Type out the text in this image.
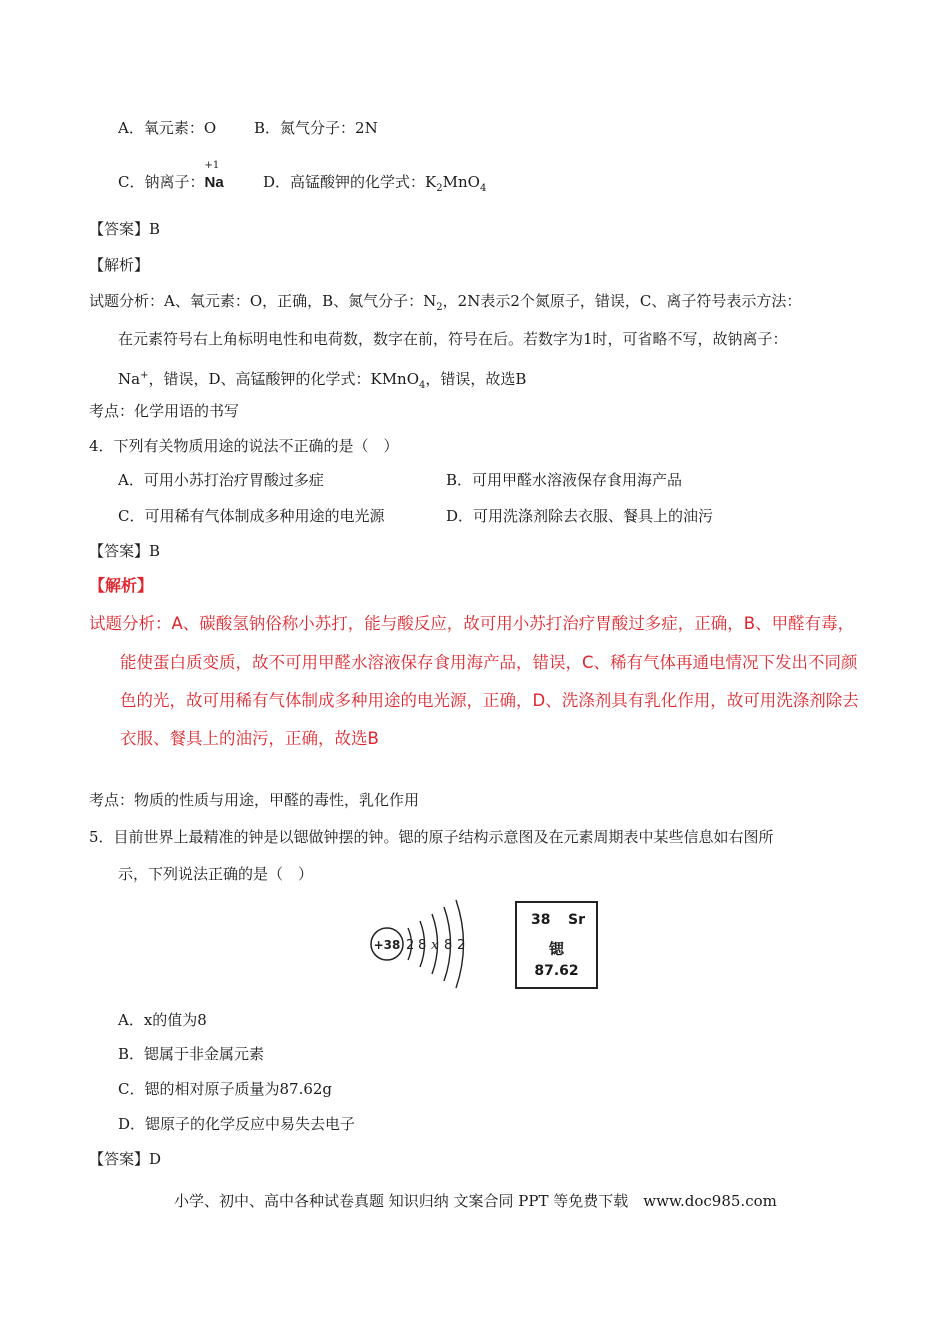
A．氧元素：O	B．氮气分子：2N
C．钠离子：
+1
Na	D．高锰酸钾的化学式：$K_2MnO_4$
【答案】B
【解析】
试题分析：A、氧元素：O，正确，B、氮气分子：$N_2$，2N表示2个氮原子，错误，C、离子符号表示方法：
在元素符号右上角标明电性和电荷数，数字在前，符号在后。若数字为1时，可省略不写，故钠离子：
Na+，错误，D、高锰酸钾的化学式：KMnO$_4$，错误，故选B
考点：化学用语的书写
4．下列有关物质用途的说法不正确的是（　）
A．可用小苏打治疗胃酸过多症	B．可用甲醛水溶液保存食用海产品
C．可用稀有气体制成多种用途的电光源	D．可用洗涤剂除去衣服、餐具上的油污
【答案】B
【解析】
试题分析：A、碳酸氢钠俗称小苏打，能与酸反应，故可用小苏打治疗胃酸过多症，正确，B、甲醛有毒，
能使蛋白质变质，故不可用甲醛水溶液保存食用海产品，错误，C、稀有气体再通电情况下发出不同颜
色的光，故可用稀有气体制成多种用途的电光源，正确，D、洗涤剂具有乳化作用，故可用洗涤剂除去
衣服、餐具上的油污，正确，故选B
考点：物质的性质与用途，甲醛的毒性，乳化作用
5．目前世界上最精准的钟是以锶做钟摆的钟。锶的原子结构示意图及在元素周期表中某些信息如右图所
示，下列说法正确的是（　）
+38 2 8 x 8 2
38 Sr
锶
87.62
A．x的值为8
B．锶属于非金属元素
C．锶的相对原子质量为87.62g
D．锶原子的化学反应中易失去电子
【答案】D
小学、初中、高中各种试卷真题 知识归纳 文案合同 PPT 等免费下载　www.doc985.com
